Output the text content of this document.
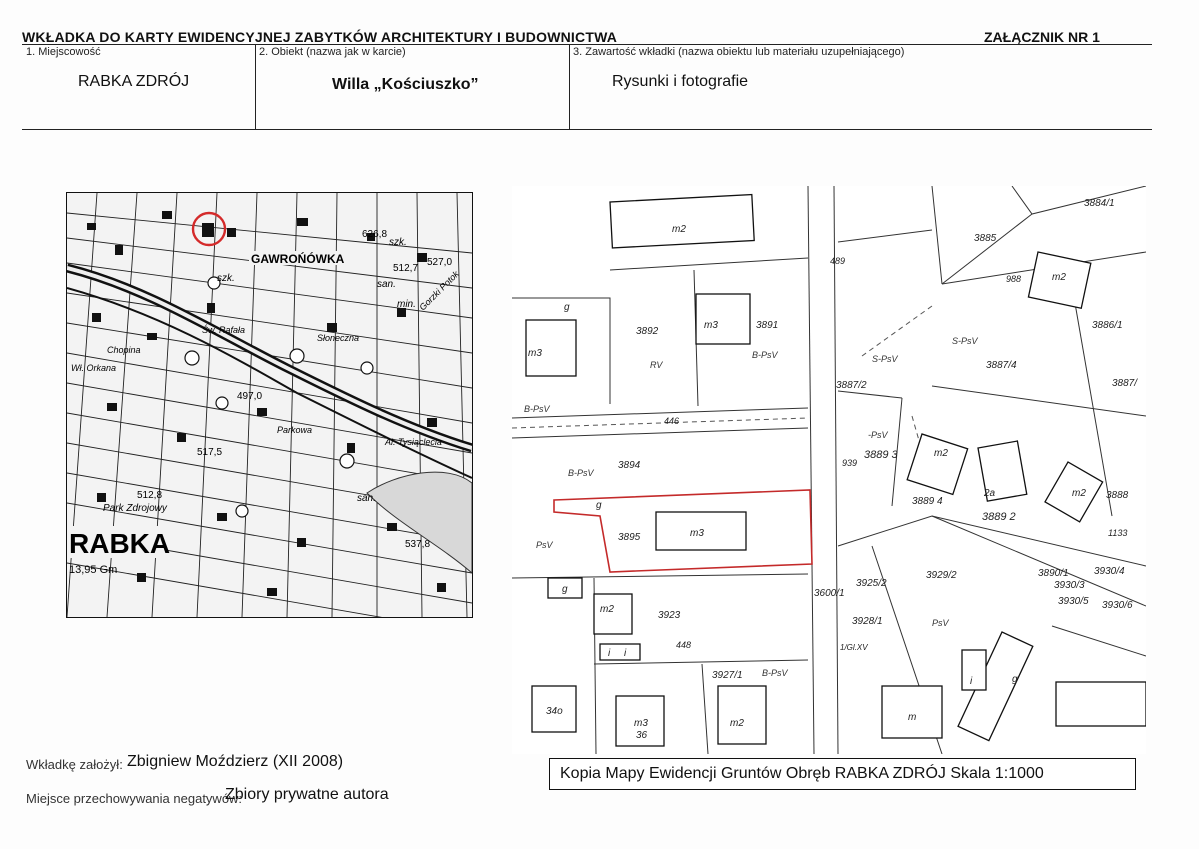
WKŁADKA DO KARTY EWIDENCYJNEJ ZABYTKÓW ARCHITEKTURY I BUDOWNICTWA	ZAŁĄCZNIK NR 1
1. Miejscowość
RABKA ZDRÓJ
2. Obiekt (nazwa jak w karcie)
Willa „Kościuszko”
3. Zawartość wkładki (nazwa obiektu lub materiału uzupełniającego)
Rysunki i fotografie
GAWROŃÓWKA
512,7
527,0
626,8
szk.
san.
min. Gorzki Potok
Słoneczna
Św. Rafała
Chopina
Wł. Orkana
497,0
Parkowa
Al. Tysiąclecia
517,5
512,8
Park Zdrojowy
san.
537,8
szk.
RABKA
13,95 Gm
3884/1
3885
3886/1
3887/4
3887/2	3887/
3892
3891
3894
3895
3889 3
3889 4
3889 2
3888
3923
3927/1
3925/2
3928/1
3929/2	3890/1
3930/3
3930/4
3930/5 3930/6
3600/1
m2
m3
m3
m3
m2
m2
m2
2a	m2
m2
m3
m
489
988
446
939
448
1133
B-PsV
B-PsV
S-PsV
S-PsV
-PsV
RV
PsV
B-PsV
PsV
B-PsV
g
g
g
g
i i
i
34o
36
1/Gl.XV
Wkładkę założył: Zbigniew Moździerz (XII 2008)
Miejsce przechowywania negatywów:
Zbiory prywatne autora
Kopia Mapy Ewidencji Gruntów Obręb RABKA ZDRÓJ Skala 1:1000
